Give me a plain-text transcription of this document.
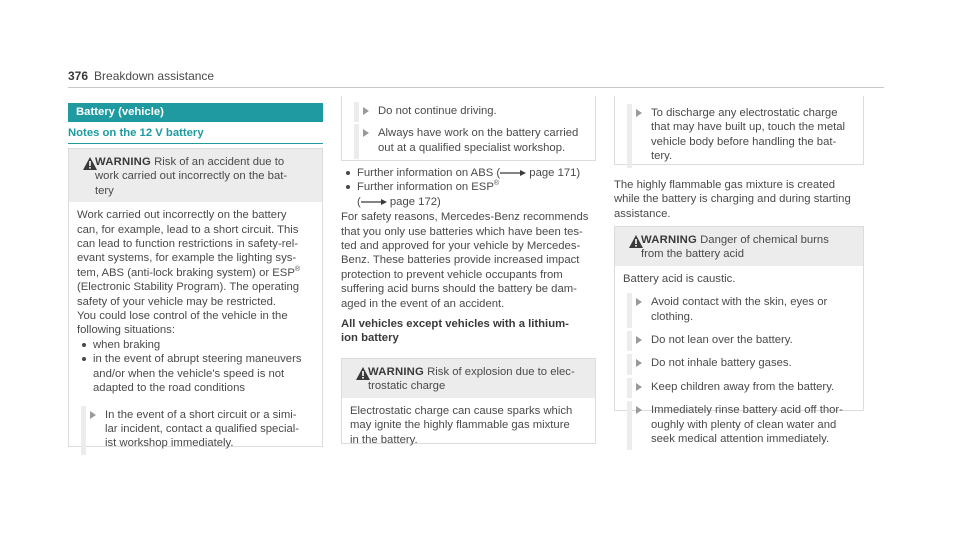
376 Breakdown assistance
Battery (vehicle)
Notes on the 12 V battery

WARNING Risk of an accident due to

work carried out incorrectly on the bat-

tery

Work carried out incorrectly on the battery

can, for example, lead to a short circuit. This

can lead to function restrictions in safety-rel-

evant systems, for example the lighting sys-

tem, ABS (anti-lock braking system) or ESP®

(Electronic Stability Program). The operating

safety of your vehicle may be restricted.

You could lose control of the vehicle in the

following situations:

when braking

in the event of abrupt steering maneuvers

and/or when the vehicle's speed is not

adapted to the road conditions

In the event of a short circuit or a simi-

lar incident, contact a qualified special-

ist workshop immediately.

Do not continue driving.

Always have work on the battery carried

out at a qualified specialist workshop.

Further information on ABS ( page 171)

Further information on ESP®

( page 172)

For safety reasons, Mercedes-Benz recommends

that you only use batteries which have been tes-

ted and approved for your vehicle by Mercedes-

Benz. These batteries provide increased impact

protection to prevent vehicle occupants from

suffering acid burns should the battery be dam-

aged in the event of an accident.

All vehicles except vehicles with a lithium-

ion battery

WARNING Risk of explosion due to elec-

trostatic charge

Electrostatic charge can cause sparks which

may ignite the highly flammable gas mixture

in the battery.

To discharge any electrostatic charge

that may have built up, touch the metal

vehicle body before handling the bat-

tery.

The highly flammable gas mixture is created

while the battery is charging and during starting

assistance.

WARNING Danger of chemical burns

from the battery acid

Battery acid is caustic.

Avoid contact with the skin, eyes or

clothing.

Do not lean over the battery.

Do not inhale battery gases.

Keep children away from the battery.

Immediately rinse battery acid off thor-

oughly with plenty of clean water and

seek medical attention immediately.
